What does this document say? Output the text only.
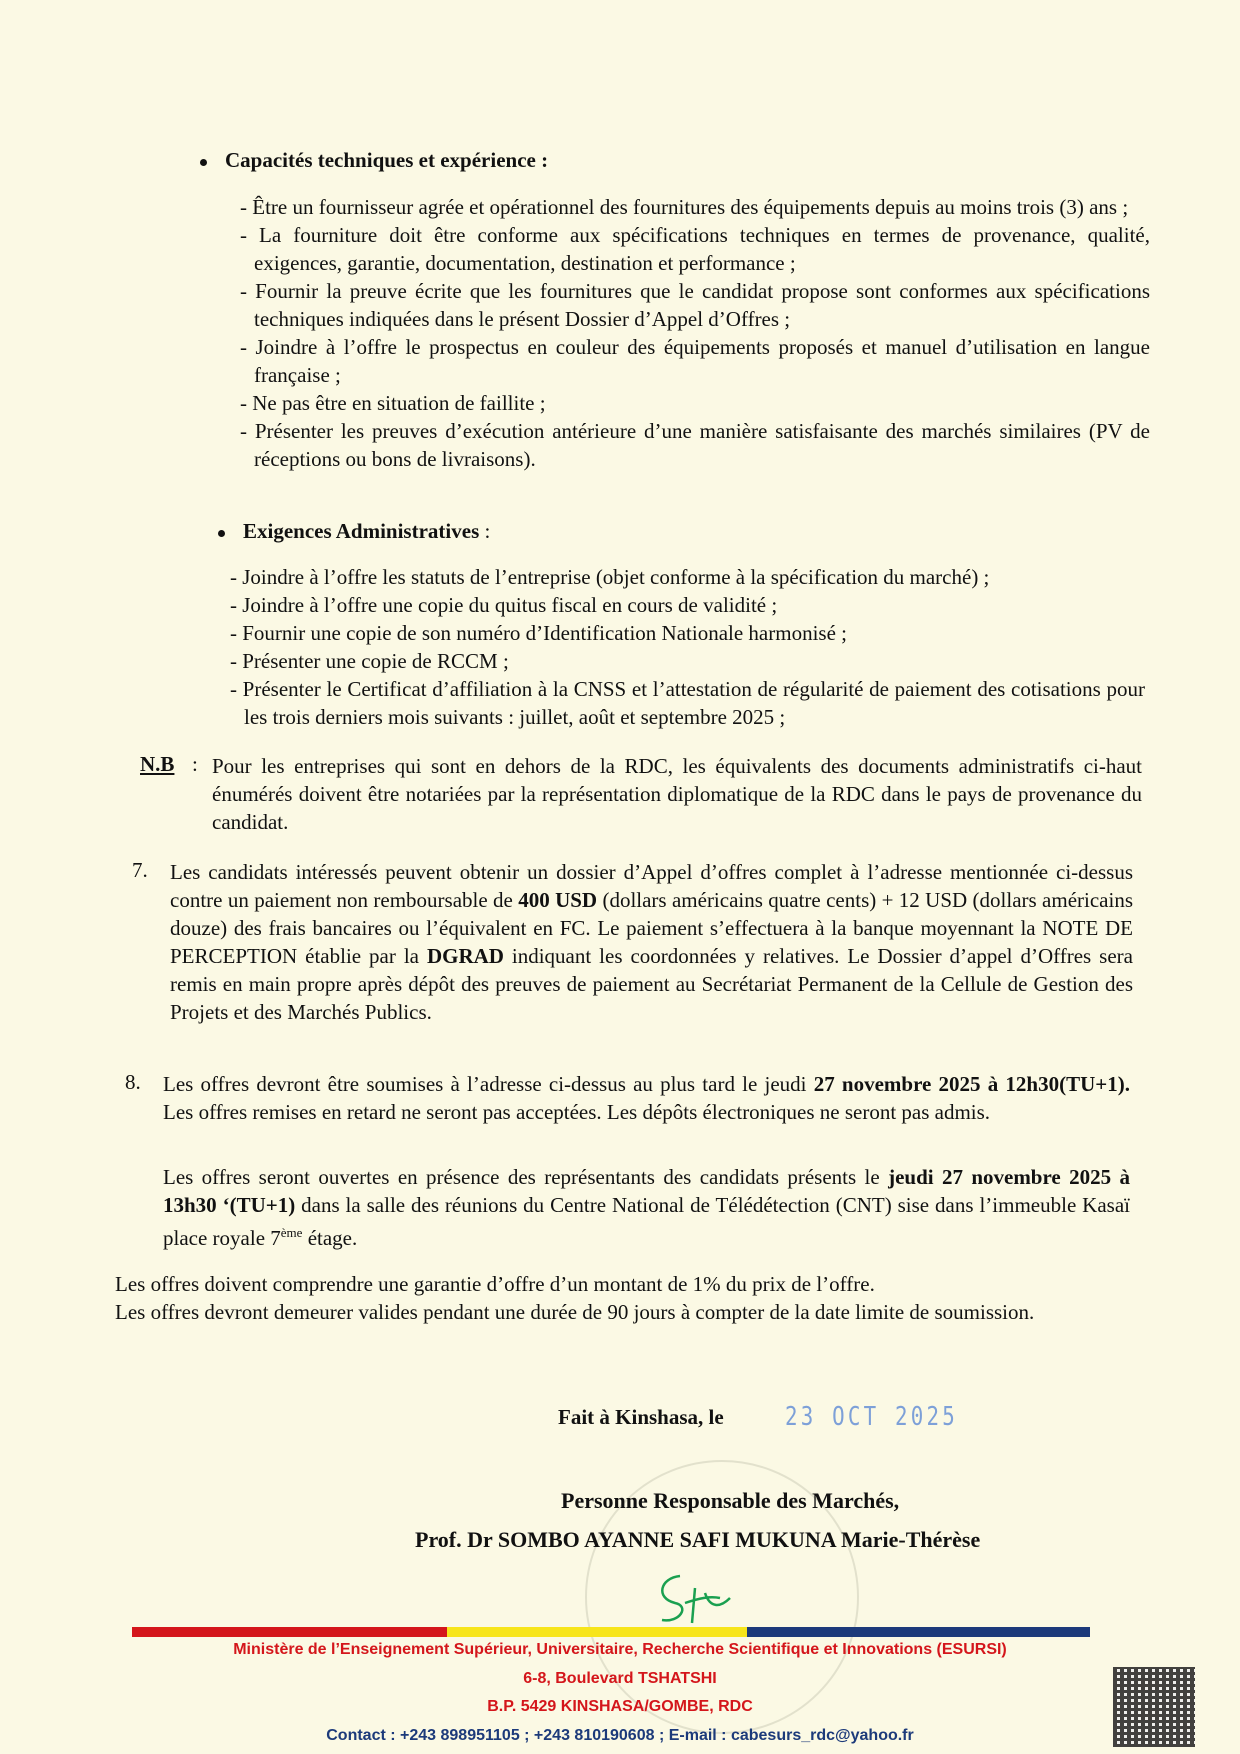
Capacités techniques et expérience :

- Être un fournisseur agrée et opérationnel des fournitures des équipements depuis au moins trois (3) ans ;

- La fourniture doit être conforme aux spécifications techniques en termes de provenance, qualité, exigences, garantie, documentation, destination et performance ;

- Fournir la preuve écrite que les fournitures que le candidat propose sont conformes aux spécifications techniques indiquées dans le présent Dossier d’Appel d’Offres ;

- Joindre à l’offre le prospectus en couleur des équipements proposés et manuel d’utilisation en langue française ;

- Ne pas être en situation de faillite ;

- Présenter les preuves d’exécution antérieure d’une manière satisfaisante des marchés similaires (PV de réceptions ou bons de livraisons).

Exigences Administratives :

- Joindre à l’offre les statuts de l’entreprise (objet conforme à la spécification du marché) ;

- Joindre à l’offre une copie du quitus fiscal en cours de validité ;

- Fournir une copie de son numéro d’Identification Nationale harmonisé ;

- Présenter une copie de RCCM ;

- Présenter le Certificat d’affiliation à la CNSS et l’attestation de régularité de paiement des cotisations pour les trois derniers mois suivants : juillet, août et septembre 2025 ;

N.B : Pour les entreprises qui sont en dehors de la RDC, les équivalents des documents administratifs ci-haut énumérés doivent être notariées par la représentation diplomatique de la RDC dans le pays de provenance du candidat.
7. Les candidats intéressés peuvent obtenir un dossier d’Appel d’offres complet à l’adresse mentionnée ci-dessus contre un paiement non remboursable de 400 USD (dollars américains quatre cents) + 12 USD (dollars américains douze) des frais bancaires ou l’équivalent en FC. Le paiement s’effectuera à la banque moyennant la NOTE DE PERCEPTION établie par la DGRAD indiquant les coordonnées y relatives. Le Dossier d’appel d’Offres sera remis en main propre après dépôt des preuves de paiement au Secrétariat Permanent de la Cellule de Gestion des Projets et des Marchés Publics.
8. Les offres devront être soumises à l’adresse ci-dessus au plus tard le jeudi 27 novembre 2025 à 12h30(TU+1). Les offres remises en retard ne seront pas acceptées. Les dépôts électroniques ne seront pas admis.
Les offres seront ouvertes en présence des représentants des candidats présents le jeudi 27 novembre 2025 à 13h30 ‘(TU+1) dans la salle des réunions du Centre National de Télédétection (CNT) sise dans l’immeuble Kasaï place royale 7ème étage.
Les offres doivent comprendre une garantie d’offre d’un montant de 1% du prix de l’offre.
Les offres devront demeurer valides pendant une durée de 90 jours à compter de la date limite de soumission.
Fait à Kinshasa, le 23 OCT 2025
Personne Responsable des Marchés,
Prof. Dr SOMBO AYANNE SAFI MUKUNA Marie-Thérèse
Ministère de l’Enseignement Supérieur, Universitaire, Recherche Scientifique et Innovations (ESURSI)
6-8, Boulevard TSHATSHI
B.P. 5429 KINSHASA/GOMBE, RDC
Contact : +243 898951105 ; +243 810190608 ; E-mail : cabesurs_rdc@yahoo.fr
